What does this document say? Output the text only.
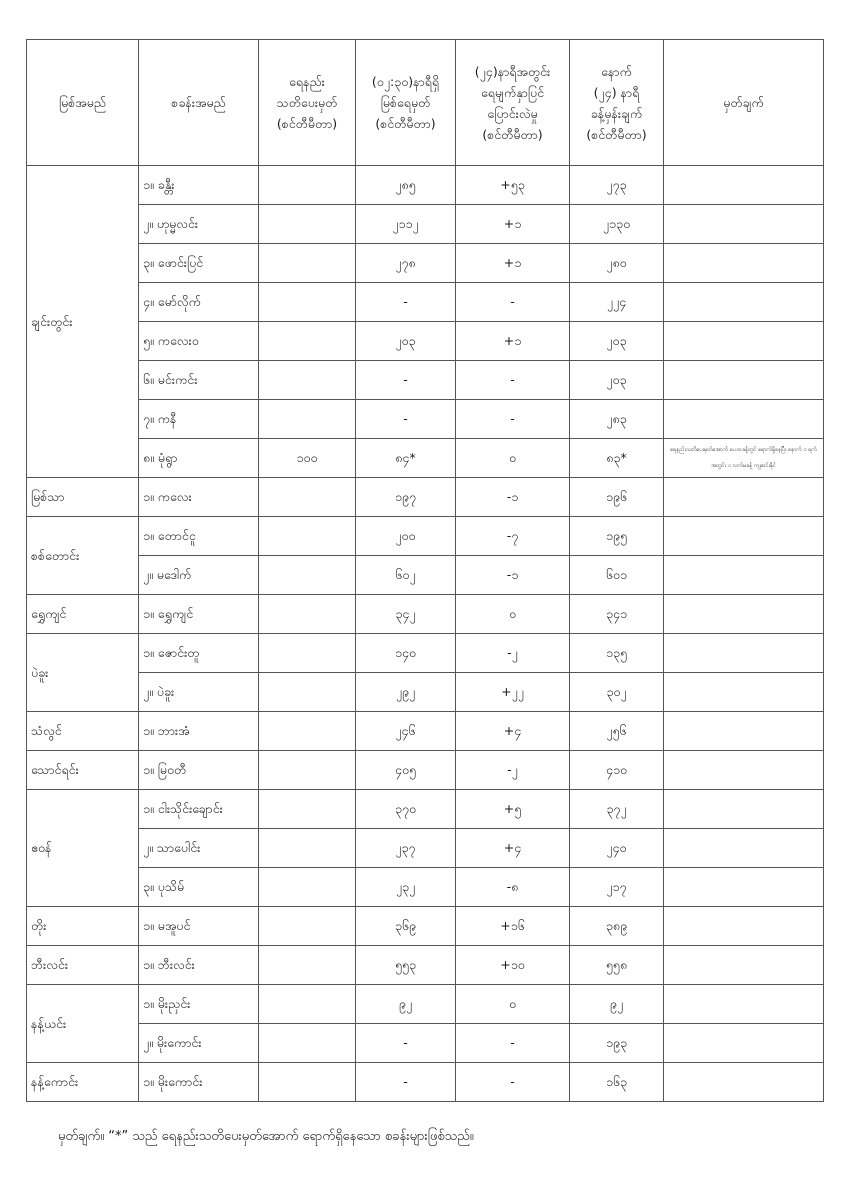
မြစ်အမည်	စခန်းအမည်	ရေနည်း
သတိပေးမှတ်
(စင်တီမီတာ)	(၀၂:၃၀)နာရီရှိ
မြစ်ရေမှတ်
(စင်တီမီတာ)	(၂၄)နာရီအတွင်း
ရေမျက်နှာပြင်
ပြောင်းလဲမှု
(စင်တီမီတာ)	နောက်
(၂၄) နာရီ
ခန့်မှန်းချက်
(စင်တီမီတာ)	မှတ်ချက်
ချင်းတွင်း	၁။ ခန္တီး		၂၈၅	+၅၃	၂၇၃	

	၂။ ဟုမ္မလင်း		၂၁၁၂	+၁	၂၁၃၀	

	၃။ ဖောင်းပြင်		၂၇၈	+၁	၂၈၀	

	၄။ မော်လိုက်		-	-	၂၂၄	

	၅။ ကလေးဝ		၂၀၃	+၁	၂၀၃	

	၆။ မင်းကင်း		-	-	၂၀၃	

	၇။ ကနီ		-	-	၂၈၃	

	၈။ မုံရွာ	၁၀၀	၈၄*	၀	၈၃*	ရေနည်းသတိပေးမှတ်အောက် ပေ၁၀ခန့်တွင် ရောက်ရှိနေပြီး နောက် ၁ ရက်အတွင်း ၁ လက်မခန့် ကျဆင်းနိုင်

မြစ်သာ	၁။ ကလေး		၁၉၇	-၁	၁၉၆	

စစ်တောင်း	၁။ တောင်ငူ		၂၀၀	-၇	၁၉၅	

	၂။ မဒေါက်		၆၀၂	-၁	၆၀၁	

ရွှေကျင်	၁။ ရွှေကျင်		၃၄၂	၀	၃၄၁	

ပဲခူး	၁။ ဇောင်းတူ		၁၄၀	-၂	၁၃၅	

	၂။ ပဲခူး		၂၉၂	+၂၂	၃၀၂	

သံလွင်	၁။ ဘားအံ		၂၄၆	+၄	၂၅၆	

သောင်ရင်း	၁။ မြဝတီ		၄၀၅	-၂	၄၁၀	

ဧဝန်	၁။ ငါးသိုင်းချောင်း		၃၇၀	+၅	၃၇၂	

	၂။ သာပေါင်း		၂၃၇	+၄	၂၄၀	

	၃။ ပုသိမ်		၂၃၂	-၈	၂၁၇	

တိုး	၁။ မအူပင်		၃၆၉	+၁၆	၃၈၉	

ဘီးလင်း	၁။ ဘီးလင်း		၅၅၃	+၁၀	၅၅၈	

နန့်ယင်း	၁။ မိုးညှင်း		၉၂	၀	၉၂	

	၂။ မိုးကောင်း		-	-	၁၉၃	

နန့်ကောင်း	၁။ မိုးကောင်း		-	-	၁၆၃	
မှတ်ချက်။ “*” သည် ရေနည်းသတိပေးမှတ်အောက် ရောက်ရှိနေသော စခန်းများဖြစ်သည်။
